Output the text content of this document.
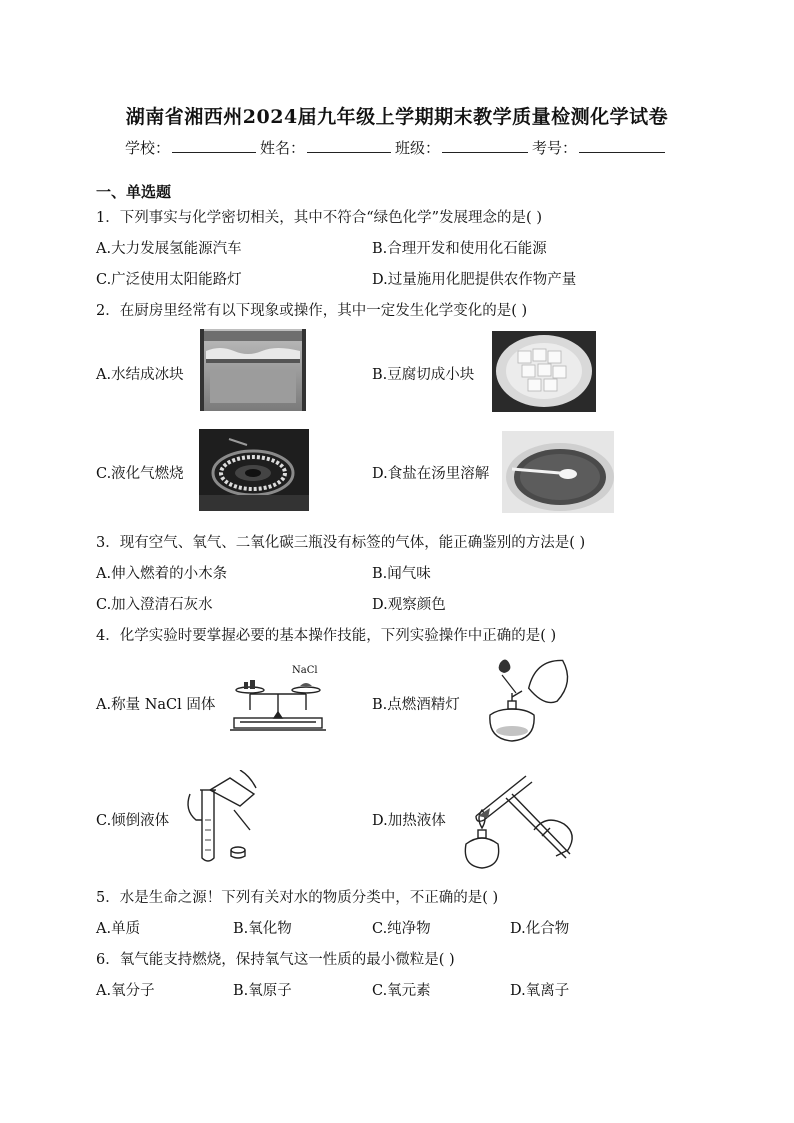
湖南省湘西州2024届九年级上学期期末教学质量检测化学试卷
学校：	姓名：	班级：	考号：
一、单选题
1．下列事实与化学密切相关，其中不符合“绿色化学”发展理念的是( )
A.大力发展氢能源汽车	B.合理开发和使用化石能源
C.广泛使用太阳能路灯	D.过量施用化肥提供农作物产量
2．在厨房里经常有以下现象或操作，其中一定发生化学变化的是( )
A.水结成冰块	B.豆腐切成小块
C.液化气燃烧	D.食盐在汤里溶解
3．现有空气、氧气、二氧化碳三瓶没有标签的气体，能正确鉴别的方法是( )
A.伸入燃着的小木条	B.闻气味
C.加入澄清石灰水	D.观察颜色
4．化学实验时要掌握必要的基本操作技能，下列实验操作中正确的是( )
A.称量 NaCl 固体	B.点燃酒精灯
C.倾倒液体	D.加热液体
NaCl
5．水是生命之源！下列有关对水的物质分类中，不正确的是( )
A.单质	B.氧化物	C.纯净物	D.化合物
6．氧气能支持燃烧，保持氧气这一性质的最小微粒是( )
A.氧分子	B.氧原子	C.氧元素	D.氧离子
